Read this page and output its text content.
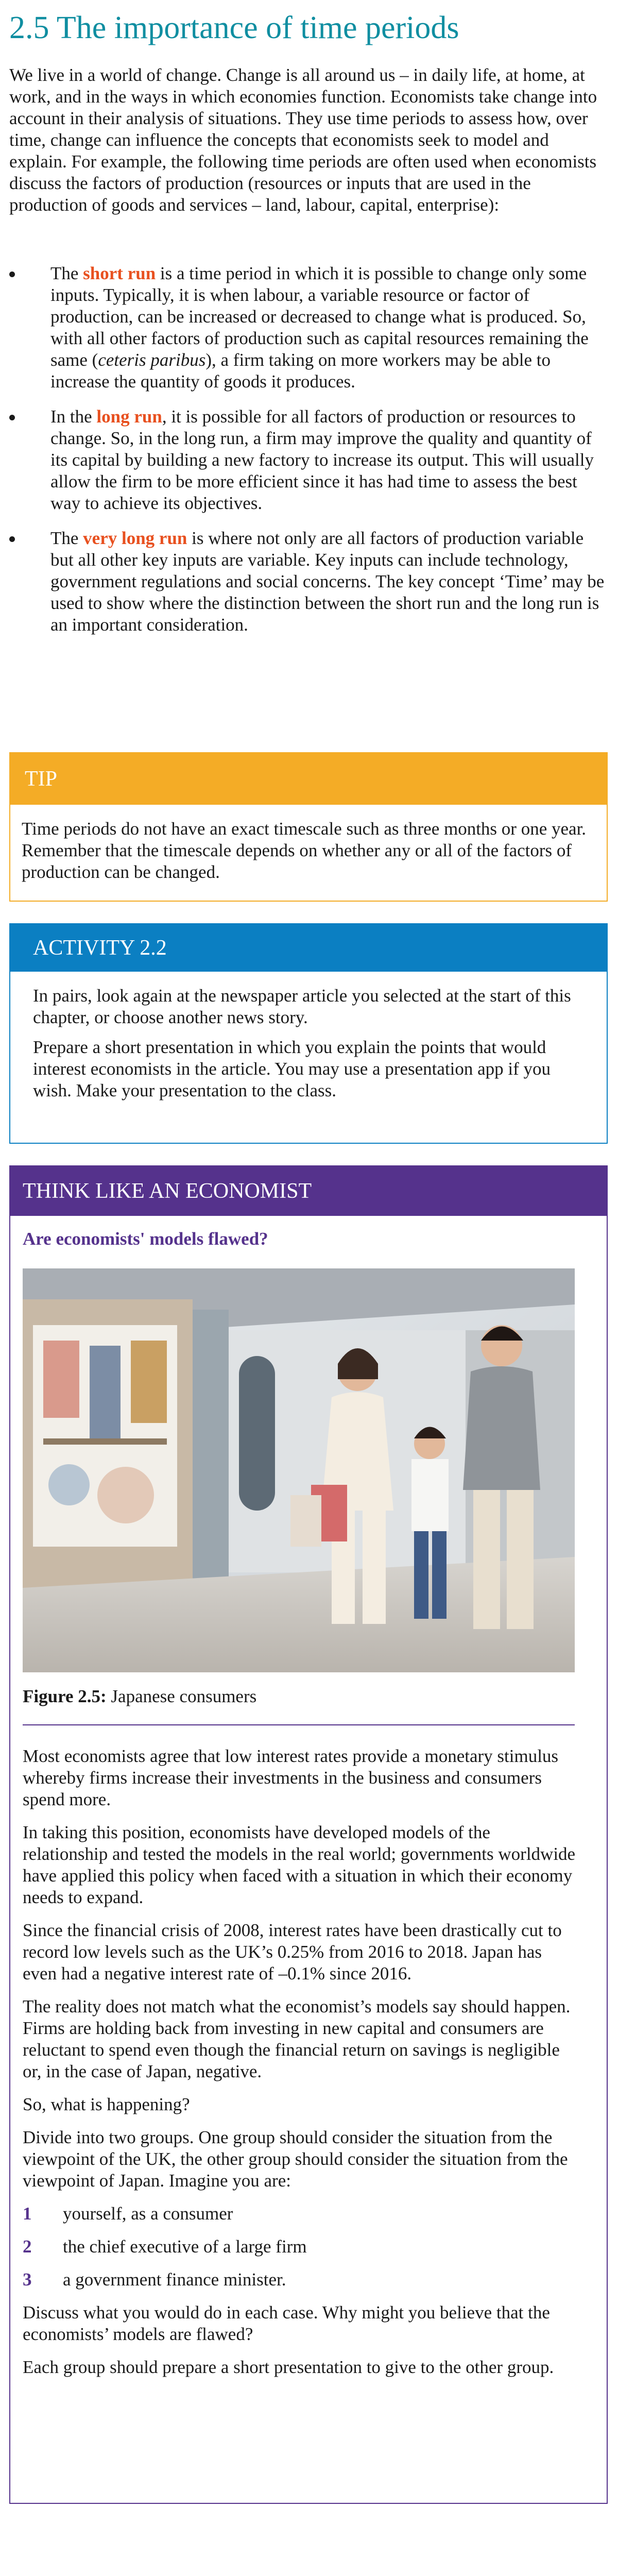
2.5 The importance of time periods

We live in a world of change. Change is all around us – in daily life, at home, at work, and in the ways in which economies function. Economists take change into account in their analysis of situations. They use time periods to assess how, over time, change can influence the concepts that economists seek to model and explain. For example, the following time periods are often used when economists discuss the factors of production (resources or inputs that are used in the production of goods and services – land, labour, capital, enterprise):

The short run is a time period in which it is possible to change only some inputs. Typically, it is when labour, a variable resource or factor of production, can be increased or decreased to change what is produced. So, with all other factors of production such as capital resources remaining the same (ceteris paribus), a firm taking on more workers may be able to increase the quantity of goods it produces.
In the long run, it is possible for all factors of production or resources to change. So, in the long run, a firm may improve the quality and quantity of its capital by building a new factory to increase its output. This will usually allow the firm to be more efficient since it has had time to assess the best way to achieve its objectives.
The very long run is where not only are all factors of production variable but all other key inputs are variable. Key inputs can include technology, government regulations and social concerns. The key concept ‘Time’ may be used to show where the distinction between the short run and the long run is an important consideration.
TIP

Time periods do not have an exact timescale such as three months or one year. Remember that the timescale depends on whether any or all of the factors of production can be changed.

ACTIVITY 2.2

In pairs, look again at the newspaper article you selected at the start of this chapter, or choose another news story.

Prepare a short presentation in which you explain the points that would interest economists in the article. You may use a presentation app if you wish. Make your presentation to the class.

THINK LIKE AN ECONOMIST
Are economists' models flawed?
Figure 2.5: Japanese consumers

Most economists agree that low interest rates provide a monetary stimulus whereby firms increase their investments in the business and consumers spend more.

In taking this position, economists have developed models of the relationship and tested the models in the real world; governments worldwide have applied this policy when faced with a situation in which their economy needs to expand.

Since the financial crisis of 2008, interest rates have been drastically cut to record low levels such as the UK’s 0.25% from 2016 to 2018. Japan has even had a negative interest rate of –0.1% since 2016.

The reality does not match what the economist’s models say should happen. Firms are holding back from investing in new capital and consumers are reluctant to spend even though the financial return on savings is negligible or, in the case of Japan, negative.

So, what is happening?

Divide into two groups. One group should consider the situation from the viewpoint of the UK, the other group should consider the situation from the viewpoint of Japan. Imagine you are:

1 yourself, as a consumer
2 the chief executive of a large firm
3 a government finance minister.

Discuss what you would do in each case. Why might you believe that the economists’ models are flawed?

Each group should prepare a short presentation to give to the other group.
